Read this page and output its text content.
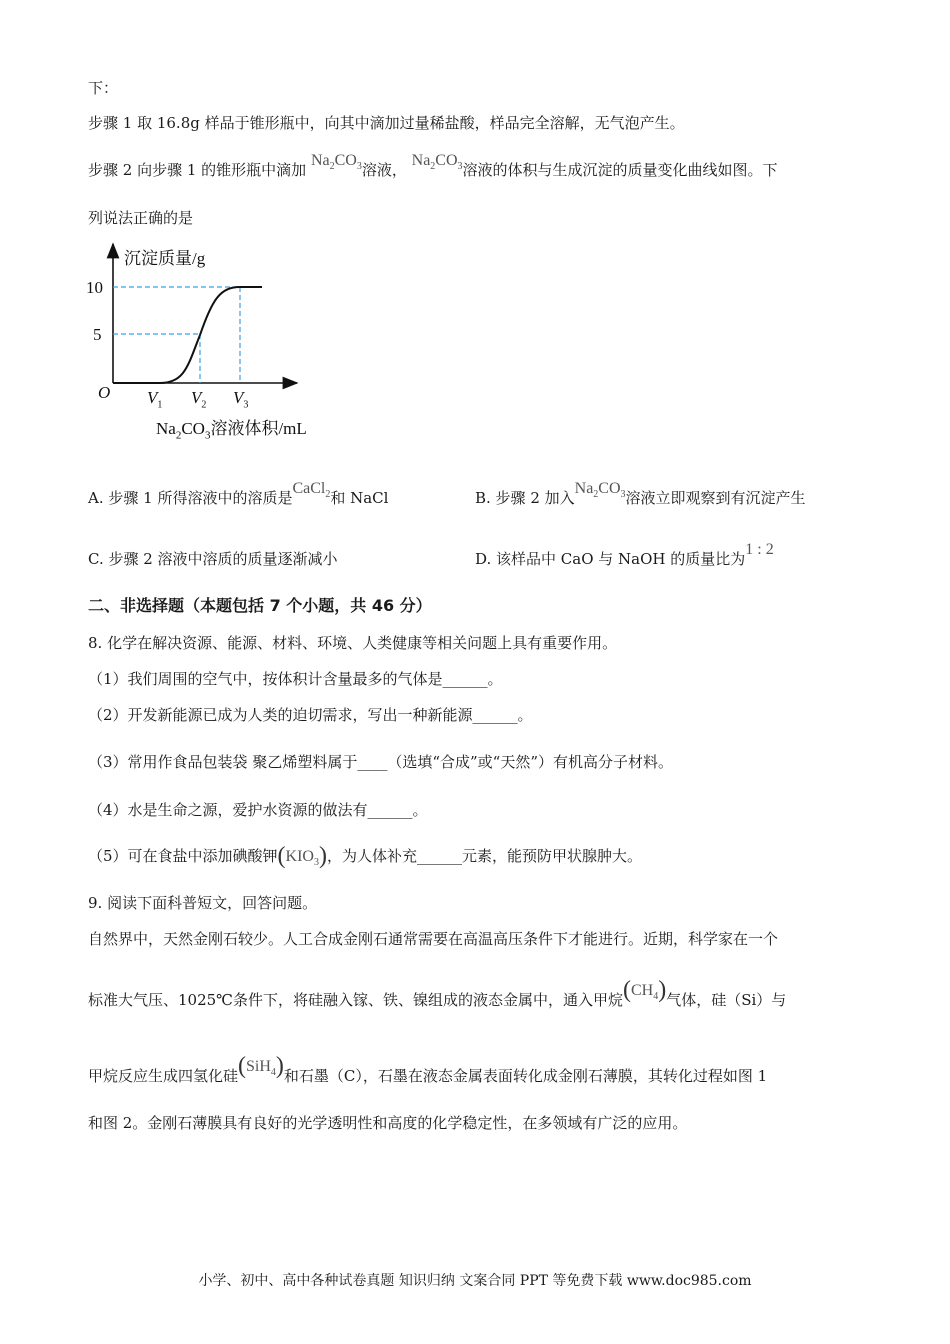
下：
步骤 1 取 16.8g 样品于锥形瓶中，向其中滴加过量稀盐酸，样品完全溶解，无气泡产生。
步骤 2 向步骤 1 的锥形瓶中滴加 $Na_2CO_3$溶液， $Na_2CO_3$溶液的体积与生成沉淀的质量变化曲线如图。下
列说法正确的是
沉淀质量/g
10
5
O $V_1$ $V_2$ $V_3$
$Na_2CO_3$溶液体积/mL
A. 步骤 1 所得溶液中的溶质是CaCl$_2$和 NaCl	B. 步骤 2 加入$Na_2CO_3$溶液立即观察到有沉淀产生
C. 步骤 2 溶液中溶质的质量逐渐减小	D. 该样品中 CaO 与 NaOH 的质量比为1 : 2
二、非选择题（本题包括 7 个小题，共 46 分）
8. 化学在解决资源、能源、材料、环境、人类健康等相关问题上具有重要作用。
（1）我们周围的空气中，按体积计含量最多的气体是______。
（2）开发新能源已成为人类的迫切需求，写出一种新能源______。
（3）常用作食品包装袋 聚乙烯塑料属于____（选填“合成”或“天然”）有机高分子材料。
（4）水是生命之源，爱护水资源的做法有______。
（5）可在食盐中添加碘酸钾$(KIO_3)$，为人体补充______元素，能预防甲状腺肿大。
9. 阅读下面科普短文，回答问题。
自然界中，天然金刚石较少。人工合成金刚石通常需要在高温高压条件下才能进行。近期，科学家在一个
标准大气压、1025℃条件下，将硅融入镓、铁、镍组成的液态金属中，通入甲烷$(CH_4)$气体，硅（Si）与
甲烷反应生成四氢化硅(SiH$_4$)和石墨（C），石墨在液态金属表面转化成金刚石薄膜，其转化过程如图 1
和图 2。金刚石薄膜具有良好的光学透明性和高度的化学稳定性，在多领域有广泛的应用。
小学、初中、高中各种试卷真题 知识归纳 文案合同 PPT 等免费下载 www.doc985.com
